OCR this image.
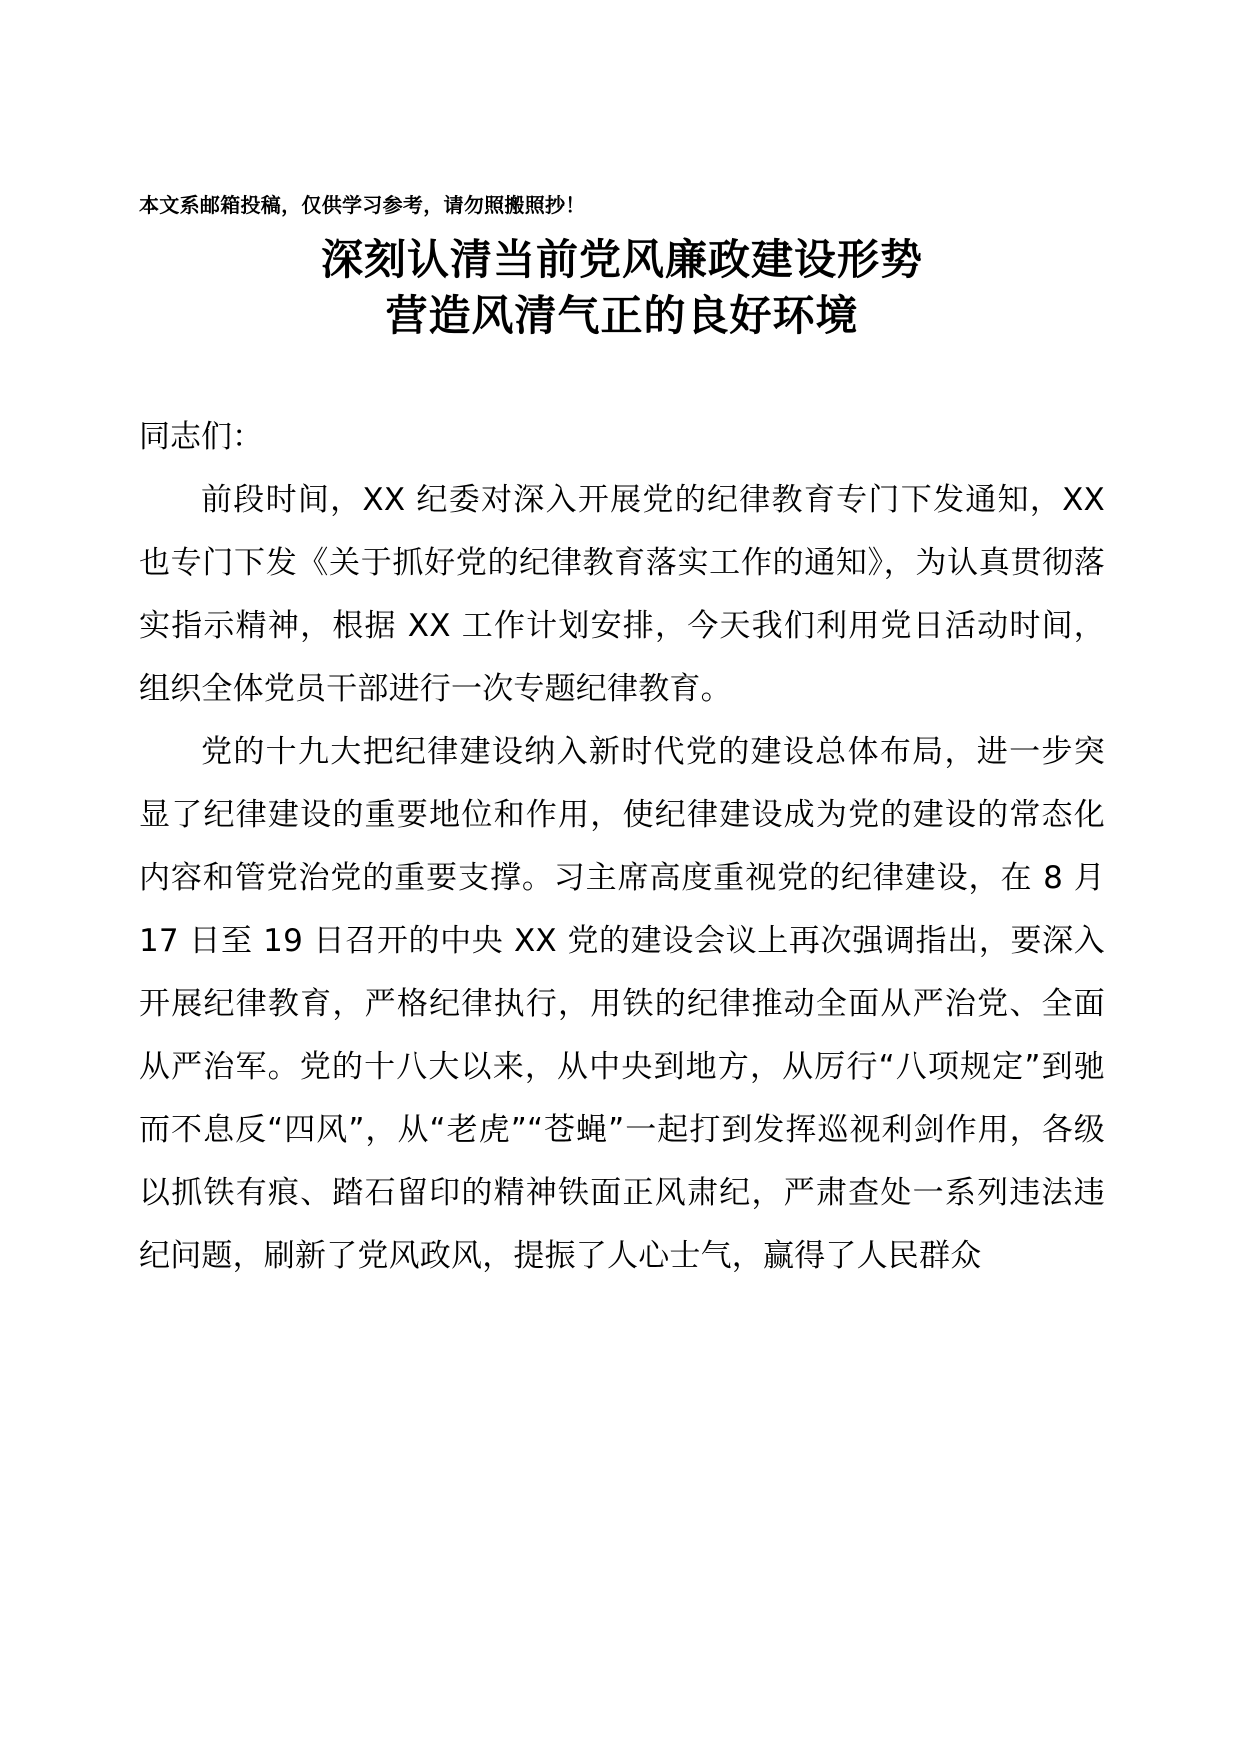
本文系邮箱投稿，仅供学习参考，请勿照搬照抄！
深刻认清当前党风廉政建设形势
营造风清气正的良好环境

同志们：

前段时间，XX 纪委对深入开展党的纪律教育专门下发通知，XX 也专门下发《关于抓好党的纪律教育落实工作的通知》，为认真贯彻落实指示精神，根据 XX 工作计划安排，今天我们利用党日活动时间，组织全体党员干部进行一次专题纪律教育。

党的十九大把纪律建设纳入新时代党的建设总体布局，进一步突显了纪律建设的重要地位和作用，使纪律建设成为党的建设的常态化内容和管党治党的重要支撑。习主席高度重视党的纪律建设，在 8 月 17 日至 19 日召开的中央 XX 党的建设会议上再次强调指出，要深入开展纪律教育，严格纪律执行，用铁的纪律推动全面从严治党、全面从严治军。党的十八大以来，从中央到地方，从厉行“八项规定”到驰而不息反“四风”，从“老虎”“苍蝇”一起打到发挥巡视利剑作用，各级以抓铁有痕、踏石留印的精神铁面正风肃纪，严肃查处一系列违法违纪问题，刷新了党风政风，提振了人心士气，赢得了人民群众
